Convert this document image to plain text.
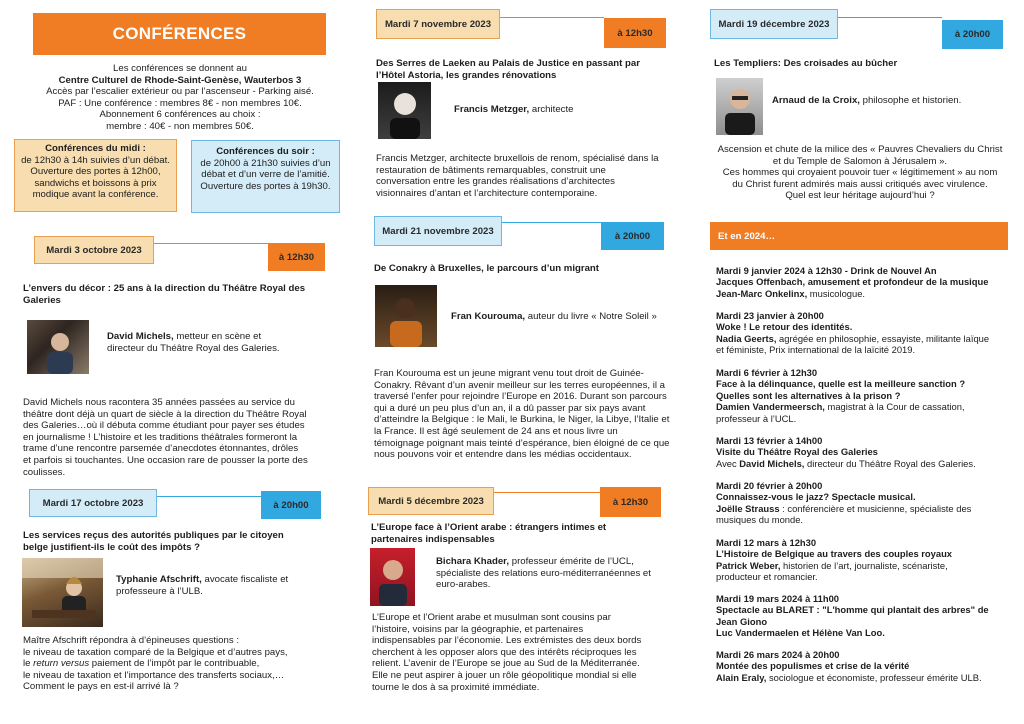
CONFÉRENCES
Les conférences se donnent au
Centre Culturel de Rhode-Saint-Genèse, Wauterbos 3
Accès par l’escalier extérieur ou par l’ascenseur - Parking aisé.
PAF : Une conférence : membres 8€ - non membres 10€.
Abonnement 6 conférences au choix :
membre : 40€ - non membres 50€.
Conférences du midi :
de 12h30 à 14h suivies d’un débat.
Ouverture des portes à 12h00,
sandwichs et boissons à prix
modique avant la conférence.
Conférences du soir :
de 20h00 à 21h30 suivies d’un
débat et d’un verre de l’amitié.
Ouverture des portes à 19h30.
Mardi 3 octobre 2023
à 12h30
L’envers du décor : 25 ans à la direction du Théâtre Royal des
Galeries
David Michels, metteur en scène et
directeur du Théâtre Royal des Galeries.
David Michels nous racontera 35 années passées au service du
théâtre dont déjà un quart de siècle à la direction du Théâtre Royal
des Galeries…où il débuta comme étudiant pour payer ses études
en journalisme ! L’histoire et les traditions théâtrales formeront la
trame d’une rencontre parsemée d’anecdotes étonnantes, drôles
et parfois si touchantes. Une occasion rare de pousser la porte des
coulisses.
Mardi 17 octobre 2023	à 20h00
Les services reçus des autorités publiques par le citoyen
belge justifient-ils le coût des impôts ?
Typhanie Afschrift, avocate fiscaliste et
professeure à l’ULB.
Maître Afschrift répondra à d’épineuses questions :
le niveau de taxation comparé de la Belgique et d’autres pays,
le return versus paiement de l’impôt par le contribuable,
le niveau de taxation et l’importance des transferts sociaux,…
Comment le pays en est-il arrivé là ?
Mardi 7 novembre 2023
à 12h30
Des Serres de Laeken au Palais de Justice en passant par
l’Hôtel Astoria, les grandes rénovations
Francis Metzger, architecte
Francis Metzger, architecte bruxellois de renom, spécialisé dans la
restauration de bâtiments remarquables, construit une
conversation entre les grandes réalisations d’architectes
visionnaires d’antan et l’architecture contemporaine.
Mardi 21 novembre 2023	à 20h00
De Conakry à Bruxelles, le parcours d’un migrant
Fran Kourouma, auteur du livre « Notre Soleil »
Fran Kourouma est un jeune migrant venu tout droit de Guinée-
Conakry. Rêvant d’un avenir meilleur sur les terres européennes, il a
traversé l’enfer pour rejoindre l’Europe en 2016. Durant son parcours
qui a duré un peu plus d’un an, il a dû passer par six pays avant
d’atteindre la Belgique : le Mali, le Burkina, le Niger, la Libye, l’Italie et
la France. Il est âgé seulement de 24 ans et nous livre un
témoignage poignant mais teinté d’espérance, bien éloigné de ce que
nous pouvons voir et entendre dans les médias occidentaux.
Mardi 5 décembre 2023	à 12h30
L’Europe face à l’Orient arabe : étrangers intimes et
partenaires indispensables
Bichara Khader, professeur émérite de l’UCL,
spécialiste des relations euro-méditerranéennes et
euro-arabes.
L’Europe et l’Orient arabe et musulman sont cousins par
l’histoire, voisins par la géographie, et partenaires
indispensables par l’économie. Les extrémistes des deux bords
cherchent à les opposer alors que des intérêts réciproques les
relient. L’avenir de l’Europe se joue au Sud de la Méditerranée.
Elle ne peut aspirer à jouer un rôle géopolitique mondial si elle
tourne le dos à sa proximité immédiate.
Mardi 19 décembre 2023
à 20h00
Les Templiers: Des croisades au bûcher
Arnaud de la Croix, philosophe et historien.
Ascension et chute de la milice des « Pauvres Chevaliers du Christ
et du Temple de Salomon à Jérusalem ».
Ces hommes qui croyaient pouvoir tuer « légitimement » au nom
du Christ furent admirés mais aussi critiqués avec virulence.
Quel est leur héritage aujourd’hui ?
Et en 2024…
Mardi 9 janvier 2024 à 12h30 - Drink de Nouvel An
Jacques Offenbach, amusement et profondeur de la musique
Jean-Marc Onkelinx, musicologue.
Mardi 23 janvier à 20h00
Woke ! Le retour des identités.
Nadia Geerts, agrégée en philosophie, essayiste, militante laïque
et féministe, Prix international de la laïcité 2019.
Mardi 6 février à 12h30
Face à la délinquance, quelle est la meilleure sanction ?
Quelles sont les alternatives à la prison ?
Damien Vandermeersch, magistrat à la Cour de cassation,
professeur à l’UCL.
Mardi 13 février à 14h00
Visite du Théâtre Royal des Galeries
Avec David Michels, directeur du Théâtre Royal des Galeries.
Mardi 20 février à 20h00
Connaissez-vous le jazz? Spectacle musical.
Joëlle Strauss : conférencière et musicienne, spécialiste des
musiques du monde.
Mardi 12 mars à 12h30
L’Histoire de Belgique au travers des couples royaux
Patrick Weber, historien de l’art, journaliste, scénariste,
producteur et romancier.
Mardi 19 mars 2024 à 11h00
Spectacle au BLARET : "L'homme qui plantait des arbres" de
Jean Giono
Luc Vandermaelen et Hélène Van Loo.
Mardi 26 mars 2024 à 20h00
Montée des populismes et crise de la vérité
Alain Eraly, sociologue et économiste, professeur émérite ULB.
